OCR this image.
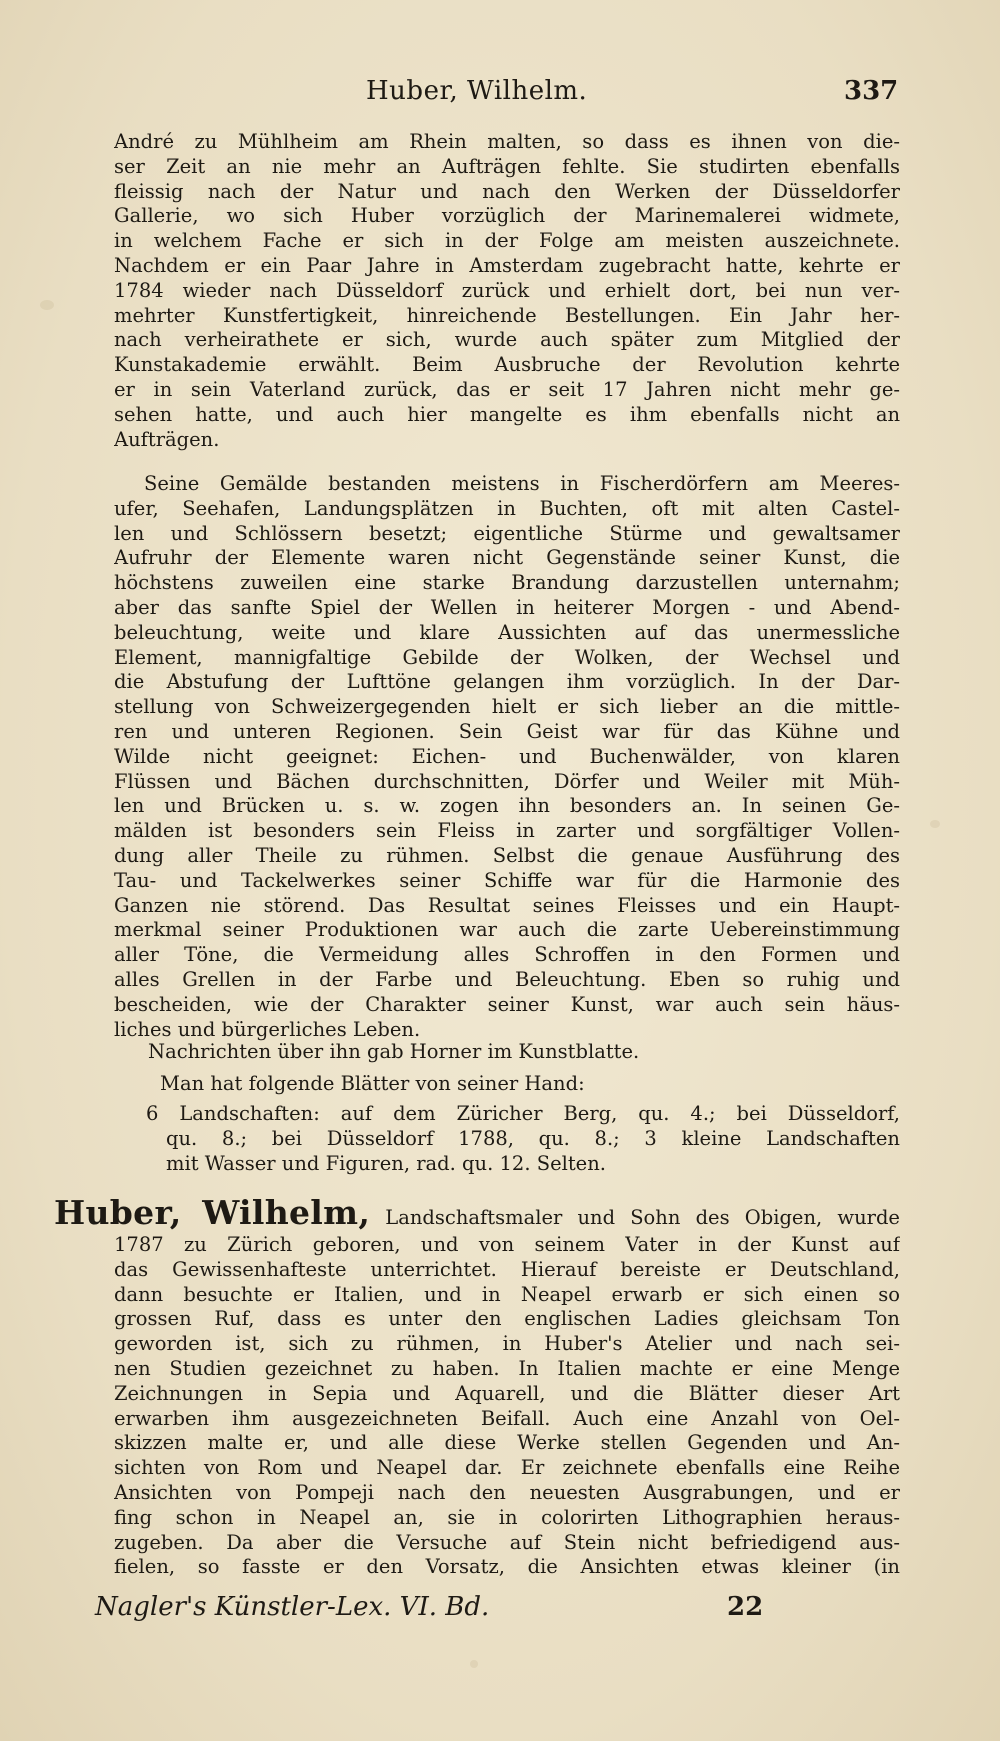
Huber, Wilhelm.	337
André zu Mühlheim am Rhein malten, so dass es ihnen von die-
ser Zeit an nie mehr an Aufträgen fehlte. Sie studirten ebenfalls
fleissig nach der Natur und nach den Werken der Düsseldorfer
Gallerie, wo sich Huber vorzüglich der Marinemalerei widmete,
in welchem Fache er sich in der Folge am meisten auszeichnete.
Nachdem er ein Paar Jahre in Amsterdam zugebracht hatte, kehrte er
1784 wieder nach Düsseldorf zurück und erhielt dort, bei nun ver-
mehrter Kunstfertigkeit, hinreichende Bestellungen. Ein Jahr her-
nach verheirathete er sich, wurde auch später zum Mitglied der
Kunstakademie erwählt. Beim Ausbruche der Revolution kehrte
er in sein Vaterland zurück, das er seit 17 Jahren nicht mehr ge-
sehen hatte, und auch hier mangelte es ihm ebenfalls nicht an
Aufträgen.
Seine Gemälde bestanden meistens in Fischerdörfern am Meeres-
ufer, Seehafen, Landungsplätzen in Buchten, oft mit alten Castel-
len und Schlössern besetzt; eigentliche Stürme und gewaltsamer
Aufruhr der Elemente waren nicht Gegenstände seiner Kunst, die
höchstens zuweilen eine starke Brandung darzustellen unternahm;
aber das sanfte Spiel der Wellen in heiterer Morgen - und Abend-
beleuchtung, weite und klare Aussichten auf das unermessliche
Element, mannigfaltige Gebilde der Wolken, der Wechsel und
die Abstufung der Lufttöne gelangen ihm vorzüglich. In der Dar-
stellung von Schweizergegenden hielt er sich lieber an die mittle-
ren und unteren Regionen. Sein Geist war für das Kühne und
Wilde nicht geeignet: Eichen- und Buchenwälder, von klaren
Flüssen und Bächen durchschnitten, Dörfer und Weiler mit Müh-
len und Brücken u. s. w. zogen ihn besonders an. In seinen Ge-
mälden ist besonders sein Fleiss in zarter und sorgfältiger Vollen-
dung aller Theile zu rühmen. Selbst die genaue Ausführung des
Tau- und Tackelwerkes seiner Schiffe war für die Harmonie des
Ganzen nie störend. Das Resultat seines Fleisses und ein Haupt-
merkmal seiner Produktionen war auch die zarte Uebereinstimmung
aller Töne, die Vermeidung alles Schroffen in den Formen und
alles Grellen in der Farbe und Beleuchtung. Eben so ruhig und
bescheiden, wie der Charakter seiner Kunst, war auch sein häus-
liches und bürgerliches Leben.
Nachrichten über ihn gab Horner im Kunstblatte.
Man hat folgende Blätter von seiner Hand:
6 Landschaften: auf dem Züricher Berg, qu. 4.; bei Düsseldorf,
qu. 8.; bei Düsseldorf 1788, qu. 8.; 3 kleine Landschaften
mit Wasser und Figuren, rad. qu. 12. Selten.
Huber, Wilhelm, Landschaftsmaler und Sohn des Obigen, wurde
1787 zu Zürich geboren, und von seinem Vater in der Kunst auf
das Gewissenhafteste unterrichtet. Hierauf bereiste er Deutschland,
dann besuchte er Italien, und in Neapel erwarb er sich einen so
grossen Ruf, dass es unter den englischen Ladies gleichsam Ton
geworden ist, sich zu rühmen, in Huber's Atelier und nach sei-
nen Studien gezeichnet zu haben. In Italien machte er eine Menge
Zeichnungen in Sepia und Aquarell, und die Blätter dieser Art
erwarben ihm ausgezeichneten Beifall. Auch eine Anzahl von Oel-
skizzen malte er, und alle diese Werke stellen Gegenden und An-
sichten von Rom und Neapel dar. Er zeichnete ebenfalls eine Reihe
Ansichten von Pompeji nach den neuesten Ausgrabungen, und er
fing schon in Neapel an, sie in colorirten Lithographien heraus-
zugeben. Da aber die Versuche auf Stein nicht befriedigend aus-
fielen, so fasste er den Vorsatz, die Ansichten etwas kleiner (in
Nagler's Künstler-Lex. VI. Bd.	22
